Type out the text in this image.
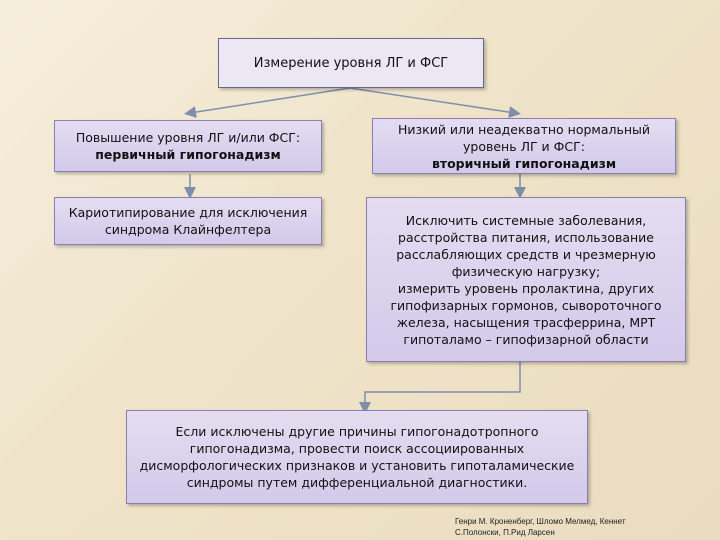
Измерение уровня ЛГ и ФСГ
Повышение уровня ЛГ и/или ФСГ:
первичный гипогонадизм
Низкий или неадекватно нормальный
уровень ЛГ и ФСГ:
вторичный гипогонадизм
Кариотипирование для исключения
синдрома Клайнфелтера
Исключить системные заболевания,
расстройства питания, использование
расслабляющих средств и чрезмерную
физическую нагрузку;
измерить уровень пролактина, других
гипофизарных гормонов, сывороточного
железа, насыщения трасферрина, МРТ
гипоталамо – гипофизарной области
Если исключены другие причины гипогонадотропного
гипогонадизма, провести поиск ассоциированных
дисморфологических признаков и установить гипоталамические
синдромы путем дифференциальной диагностики.
Генри М. Кроненберг, Шломо Мелмед, Кеннет
С.Полонски, П.Рид Ларсен
